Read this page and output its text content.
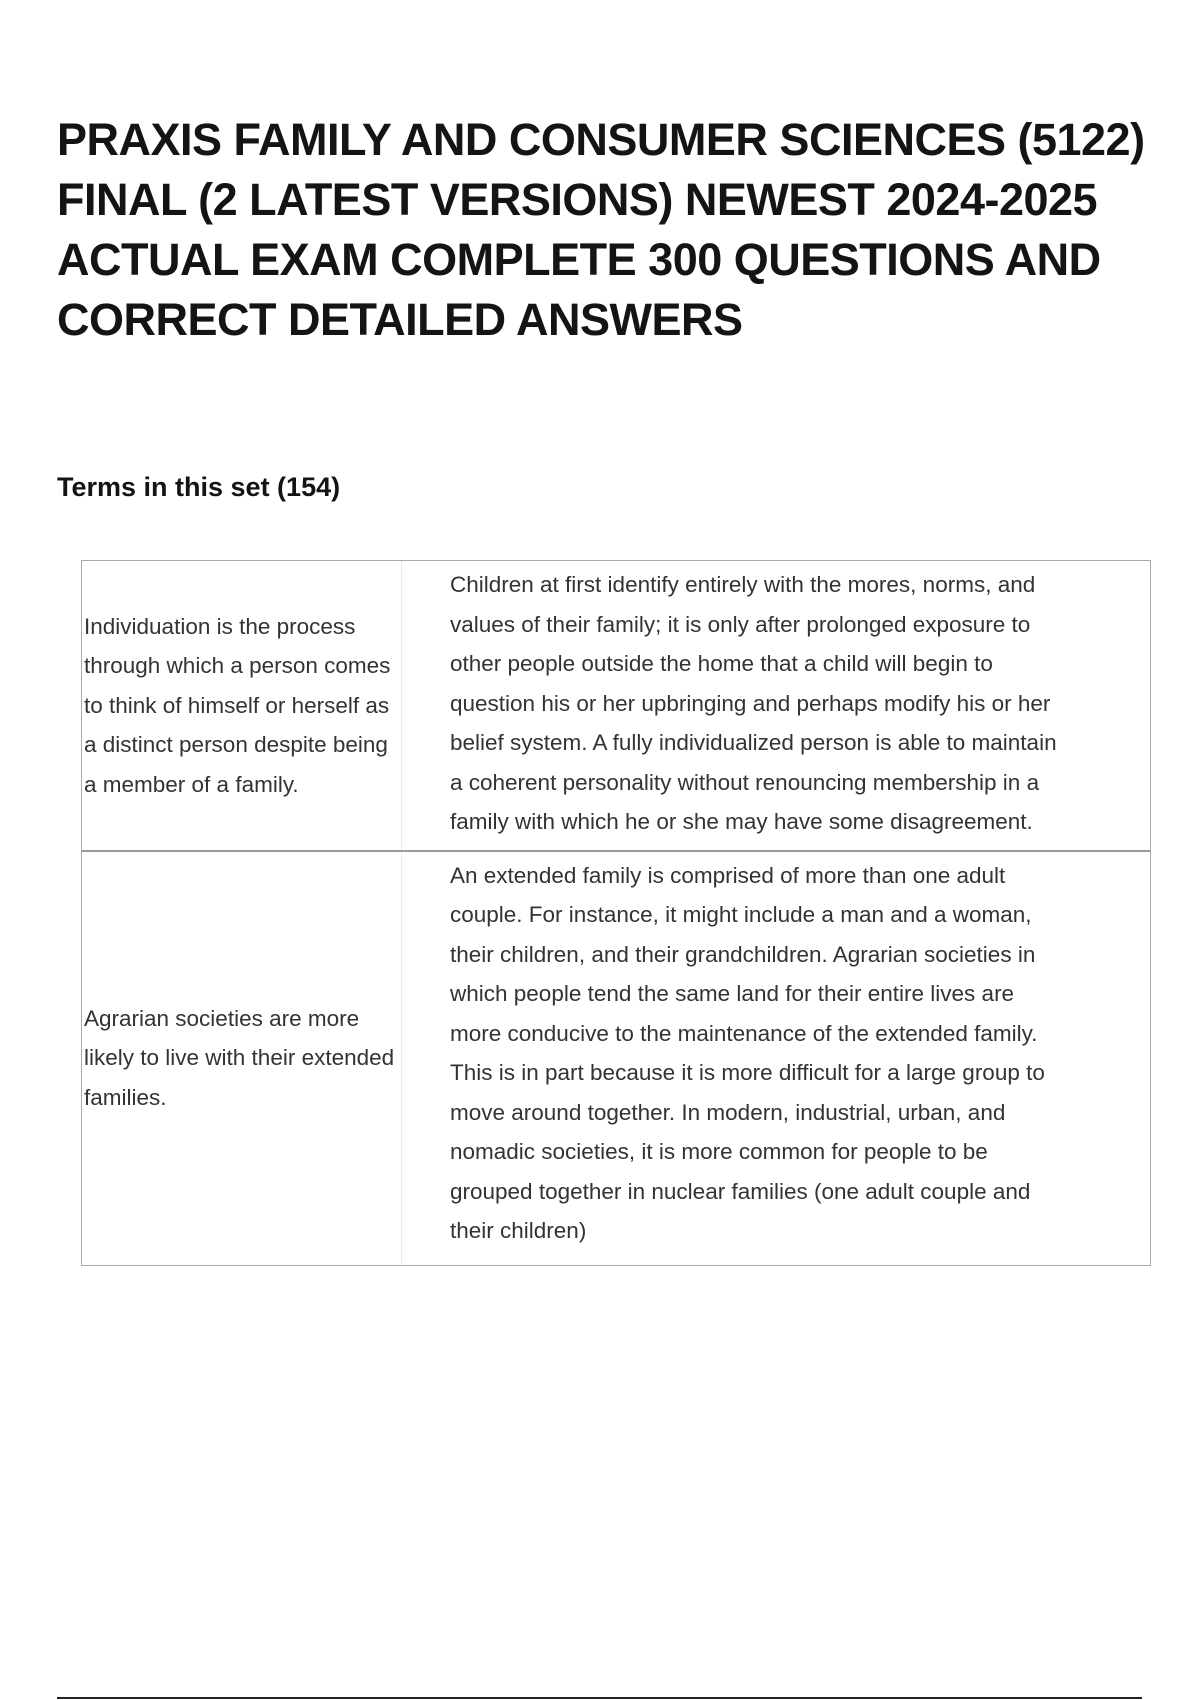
PRAXIS FAMILY AND CONSUMER SCIENCES (5122) FINAL (2 LATEST VERSIONS) NEWEST 2024-2025 ACTUAL EXAM COMPLETE 300 QUESTIONS AND CORRECT DETAILED ANSWERS
Terms in this set (154)
Individuation is the process through which a person comes to think of himself or herself as a distinct person despite being a member of a family.
Children at first identify entirely with the mores, norms, and values of their family; it is only after prolonged exposure to other people outside the home that a child will begin to question his or her upbringing and perhaps modify his or her belief system. A fully individualized person is able to maintain a coherent personality without renouncing membership in a family with which he or she may have some disagreement.
Agrarian societies are more likely to live with their extended families.
An extended family is comprised of more than one adult couple. For instance, it might include a man and a woman, their children, and their grandchildren. Agrarian societies in which people tend the same land for their entire lives are more conducive to the maintenance of the extended family. This is in part because it is more difficult for a large group to move around together. In modern, industrial, urban, and nomadic societies, it is more common for people to be grouped together in nuclear families (one adult couple and their children)
